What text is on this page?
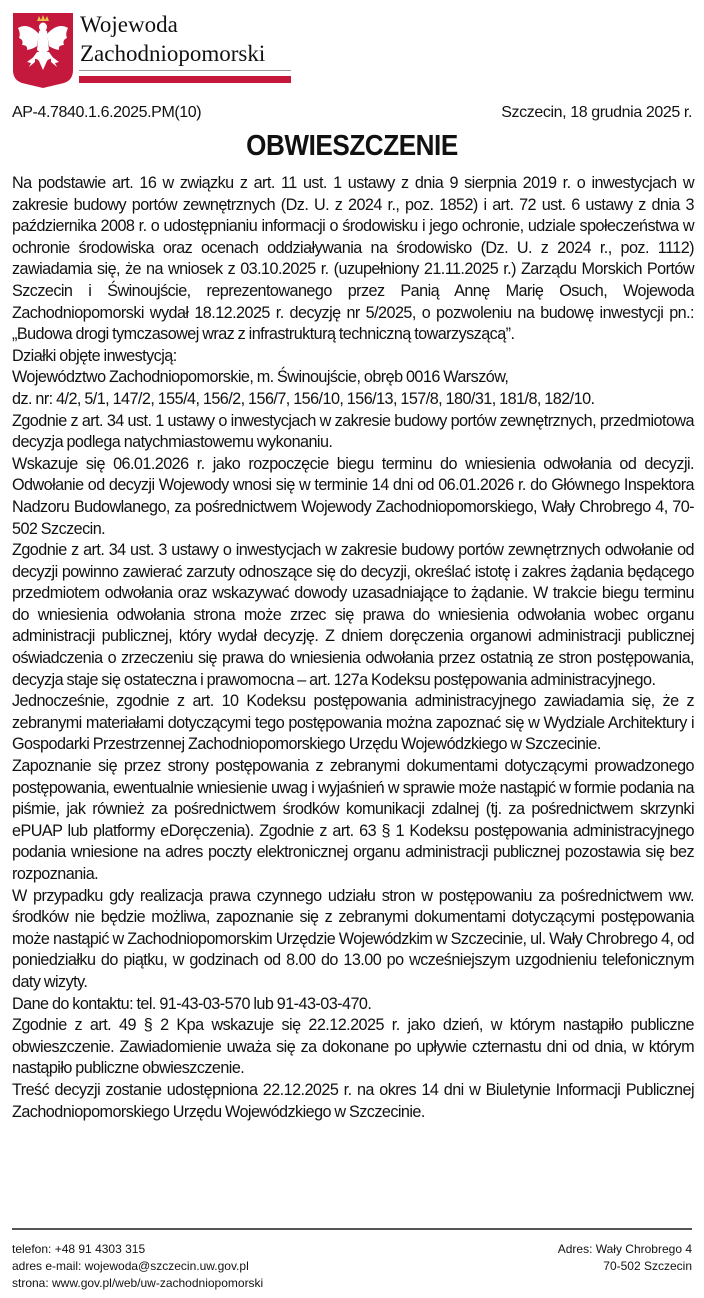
Wojewoda
Zachodniopomorski
AP-4.7840.1.6.2025.PM(10)	Szczecin, 18 grudnia 2025 r.
OBWIESZCZENIE

Na podstawie art. 16 w związku z art. 11 ust. 1 ustawy z dnia 9 sierpnia 2019 r. o inwestycjach w zakresie budowy portów zewnętrznych (Dz. U. z 2024 r., poz. 1852) i art. 72 ust. 6 ustawy z dnia 3 października 2008 r. o udostępnianiu informacji o środowisku i jego ochronie, udziale społeczeństwa w ochronie środowiska oraz ocenach oddziaływania na środowisko (Dz. U. z 2024 r., poz. 1112) zawiadamia się, że na wniosek z 03.10.2025 r. (uzupełniony 21.11.2025 r.) Zarządu Morskich Portów Szczecin i Świnoujście, reprezentowanego przez Panią Annę Marię Osuch, Wojewoda Zachodniopomorski wydał 18.12.2025 r. decyzję nr 5/2025, o pozwoleniu na budowę inwestycji pn.: „Budowa drogi tymczasowej wraz z infrastrukturą techniczną towarzyszącą”.

Działki objęte inwestycją:

Województwo Zachodniopomorskie, m. Świnoujście, obręb 0016 Warszów,

dz. nr: 4/2, 5/1, 147/2, 155/4, 156/2, 156/7, 156/10, 156/13, 157/8, 180/31, 181/8, 182/10.

Zgodnie z art. 34 ust. 1 ustawy o inwestycjach w zakresie budowy portów zewnętrznych, przedmiotowa decyzja podlega natychmiastowemu wykonaniu.

Wskazuje się 06.01.2026 r. jako rozpoczęcie biegu terminu do wniesienia odwołania od decyzji. Odwołanie od decyzji Wojewody wnosi się w terminie 14 dni od 06.01.2026 r. do Głównego Inspektora Nadzoru Budowlanego, za pośrednictwem Wojewody Zachodniopomorskiego, Wały Chrobrego 4, 70-502 Szczecin.

Zgodnie z art. 34 ust. 3 ustawy o inwestycjach w zakresie budowy portów zewnętrznych odwołanie od decyzji powinno zawierać zarzuty odnoszące się do decyzji, określać istotę i zakres żądania będącego przedmiotem odwołania oraz wskazywać dowody uzasadniające to żądanie. W trakcie biegu terminu do wniesienia odwołania strona może zrzec się prawa do wniesienia odwołania wobec organu administracji publicznej, który wydał decyzję. Z dniem doręczenia organowi administracji publicznej oświadczenia o zrzeczeniu się prawa do wniesienia odwołania przez ostatnią ze stron postępowania, decyzja staje się ostateczna i prawomocna – art. 127a Kodeksu postępowania administracyjnego.

Jednocześnie, zgodnie z art. 10 Kodeksu postępowania administracyjnego zawiadamia się, że z zebranymi materiałami dotyczącymi tego postępowania można zapoznać się w Wydziale Architektury i Gospodarki Przestrzennej Zachodniopomorskiego Urzędu Wojewódzkiego w Szczecinie.

Zapoznanie się przez strony postępowania z zebranymi dokumentami dotyczącymi prowadzonego postępowania, ewentualnie wniesienie uwag i wyjaśnień w sprawie może nastąpić w formie podania na piśmie, jak również za pośrednictwem środków komunikacji zdalnej (tj. za pośrednictwem skrzynki ePUAP lub platformy eDoręczenia). Zgodnie z art. 63 § 1 Kodeksu postępowania administracyjnego podania wniesione na adres poczty elektronicznej organu administracji publicznej pozostawia się bez rozpoznania.

W przypadku gdy realizacja prawa czynnego udziału stron w postępowaniu za pośrednictwem ww. środków nie będzie możliwa, zapoznanie się z zebranymi dokumentami dotyczącymi postępowania może nastąpić w Zachodniopomorskim Urzędzie Wojewódzkim w Szczecinie, ul. Wały Chrobrego 4, od poniedziałku do piątku, w godzinach od 8.00 do 13.00 po wcześniejszym uzgodnieniu telefonicznym daty wizyty.

Dane do kontaktu: tel. 91-43-03-570 lub 91-43-03-470.

Zgodnie z art. 49 § 2 Kpa wskazuje się 22.12.2025 r. jako dzień, w którym nastąpiło publiczne obwieszczenie. Zawiadomienie uważa się za dokonane po upływie czternastu dni od dnia, w którym nastąpiło publiczne obwieszczenie.

Treść decyzji zostanie udostępniona 22.12.2025 r. na okres 14 dni w Biuletynie Informacji Publicznej Zachodniopomorskiego Urzędu Wojewódzkiego w Szczecinie.

telefon: +48 91 4303 315
adres e-mail: wojewoda@szczecin.uw.gov.pl
strona: www.gov.pl/web/uw-zachodniopomorski
Adres: Wały Chrobrego 4
70-502 Szczecin
